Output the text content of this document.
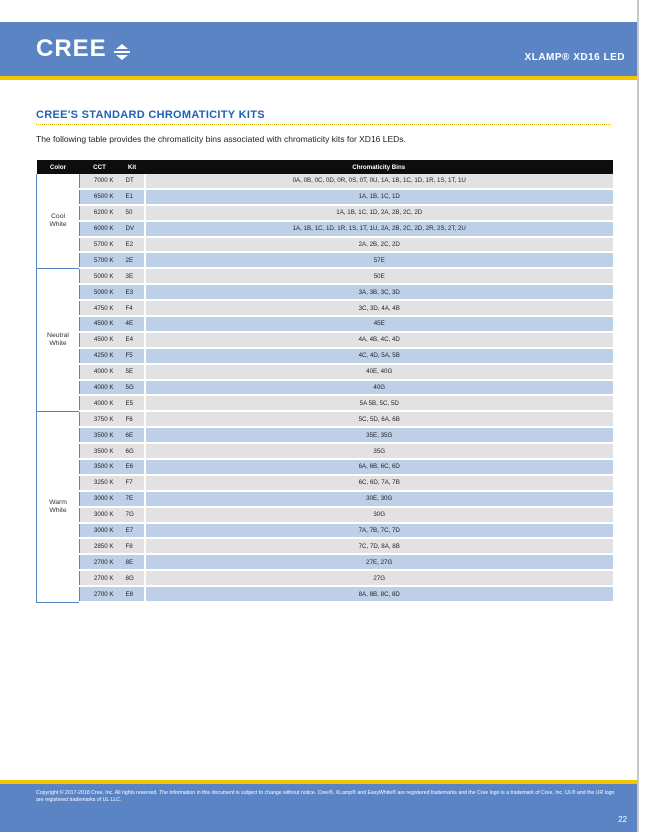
CREE	XLAMP® XD16 LED
CREE'S STANDARD CHROMATICITY KITS
The following table provides the chromaticity bins associated with chromaticity kits for XD16 LEDs.
Color	CCT	Kit	Chromaticity Bins

Cool
White	7000 K	DT	0A, 0B, 0C, 0D, 0R, 0S, 0T, 0U, 1A, 1B, 1C, 1D, 1R, 1S, 1T, 1U
	6500 K	E1	1A, 1B, 1C, 1D
	6200 K	50	1A, 1B, 1C, 1D, 2A, 2B, 2C, 2D
	6000 K	DV	1A, 1B, 1C, 1D, 1R, 1S, 1T, 1U, 2A, 2B, 2C, 2D, 2R, 2S, 2T, 2U
	5700 K	E2	2A, 2B, 2C, 2D
	5700 K	2E	57E

Neutral
White	5000 K	3E	50E
	5000 K	E3	3A, 3B, 3C, 3D
	4750 K	F4	3C, 3D, 4A, 4B
	4500 K	4E	45E
	4500 K	E4	4A, 4B, 4C, 4D
	4250 K	F5	4C, 4D, 5A, 5B
	4000 K	5E	40E, 40G
	4000 K	5G	40G
	4000 K	E5	5A 5B, 5C, 5D

Warm
White	3750 K	F6	5C, 5D, 6A, 6B
	3500 K	6E	35E, 35G
	3500 K	6G	35G
	3500 K	E6	6A, 6B, 6C, 6D
	3250 K	F7	6C, 6D, 7A, 7B
	3000 K	7E	30E, 30G
	3000 K	7G	30G
	3000 K	E7	7A, 7B, 7C, 7D
	2850 K	F8	7C, 7D, 8A, 8B
	2700 K	8E	27E, 27G
	2700 K	8G	27G
	2700 K	E8	8A, 8B, 8C, 8D
Copyright © 2017-2018 Cree, Inc. All rights reserved. The information in this document is subject to change without notice. Cree®, XLamp® and EasyWhite® are registered trademarks and the Cree logo is a trademark of Cree, Inc. UL® and the UR logo are registered trademarks of UL LLC.
22
